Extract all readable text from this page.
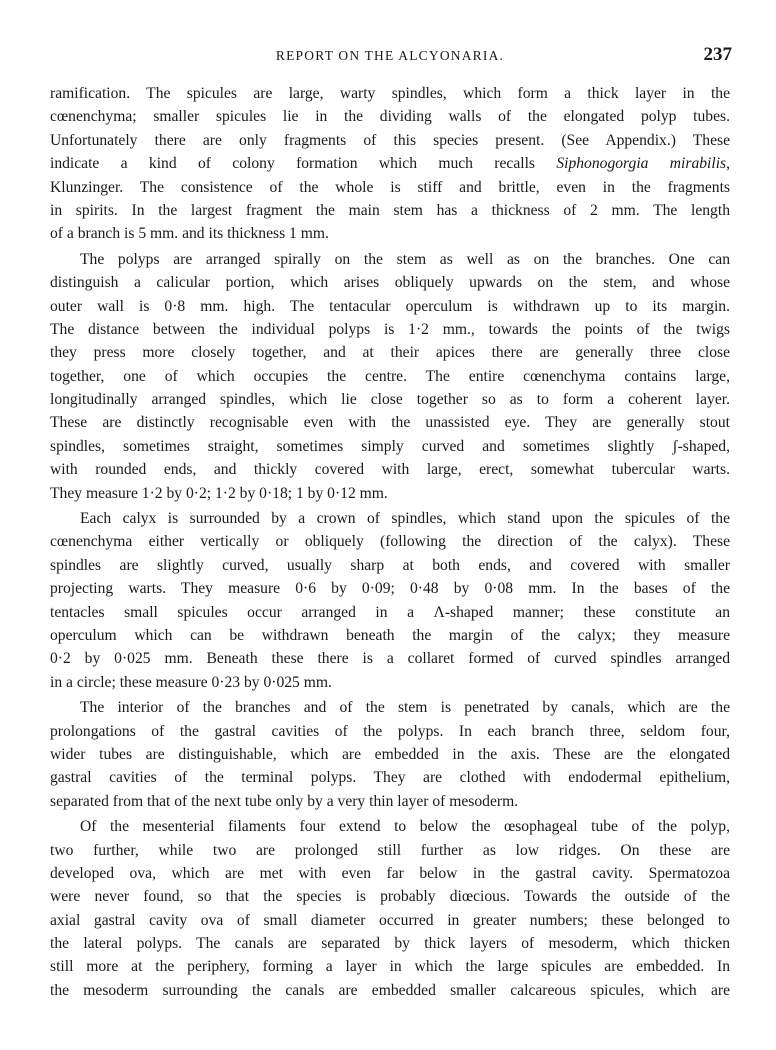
REPORT ON THE ALCYONARIA.	237
ramification. The spicules are large, warty spindles, which form a thick layer in the
cœnenchyma; smaller spicules lie in the dividing walls of the elongated polyp tubes.
Unfortunately there are only fragments of this species present. (See Appendix.) These
indicate a kind of colony formation which much recalls Siphonogorgia mirabilis,
Klunzinger. The consistence of the whole is stiff and brittle, even in the fragments
in spirits. In the largest fragment the main stem has a thickness of 2 mm. The length
of a branch is 5 mm. and its thickness 1 mm.
The polyps are arranged spirally on the stem as well as on the branches. One can
distinguish a calicular portion, which arises obliquely upwards on the stem, and whose
outer wall is 0·8 mm. high. The tentacular operculum is withdrawn up to its margin.
The distance between the individual polyps is 1·2 mm., towards the points of the twigs
they press more closely together, and at their apices there are generally three close
together, one of which occupies the centre. The entire cœnenchyma contains large,
longitudinally arranged spindles, which lie close together so as to form a coherent layer.
These are distinctly recognisable even with the unassisted eye. They are generally stout
spindles, sometimes straight, sometimes simply curved and sometimes slightly ʃ-shaped,
with rounded ends, and thickly covered with large, erect, somewhat tubercular warts.
They measure 1·2 by 0·2; 1·2 by 0·18; 1 by 0·12 mm.
Each calyx is surrounded by a crown of spindles, which stand upon the spicules of the
cœnenchyma either vertically or obliquely (following the direction of the calyx). These
spindles are slightly curved, usually sharp at both ends, and covered with smaller
projecting warts. They measure 0·6 by 0·09; 0·48 by 0·08 mm. In the bases of the
tentacles small spicules occur arranged in a Λ-shaped manner; these constitute an
operculum which can be withdrawn beneath the margin of the calyx; they measure
0·2 by 0·025 mm. Beneath these there is a collaret formed of curved spindles arranged
in a circle; these measure 0·23 by 0·025 mm.
The interior of the branches and of the stem is penetrated by canals, which are the
prolongations of the gastral cavities of the polyps. In each branch three, seldom four,
wider tubes are distinguishable, which are embedded in the axis. These are the elongated
gastral cavities of the terminal polyps. They are clothed with endodermal epithelium,
separated from that of the next tube only by a very thin layer of mesoderm.
Of the mesenterial filaments four extend to below the œsophageal tube of the polyp,
two further, while two are prolonged still further as low ridges. On these are
developed ova, which are met with even far below in the gastral cavity. Spermatozoa
were never found, so that the species is probably diœcious. Towards the outside of the
axial gastral cavity ova of small diameter occurred in greater numbers; these belonged to
the lateral polyps. The canals are separated by thick layers of mesoderm, which thicken
still more at the periphery, forming a layer in which the large spicules are embedded. In
the mesoderm surrounding the canals are embedded smaller calcareous spicules, which are
